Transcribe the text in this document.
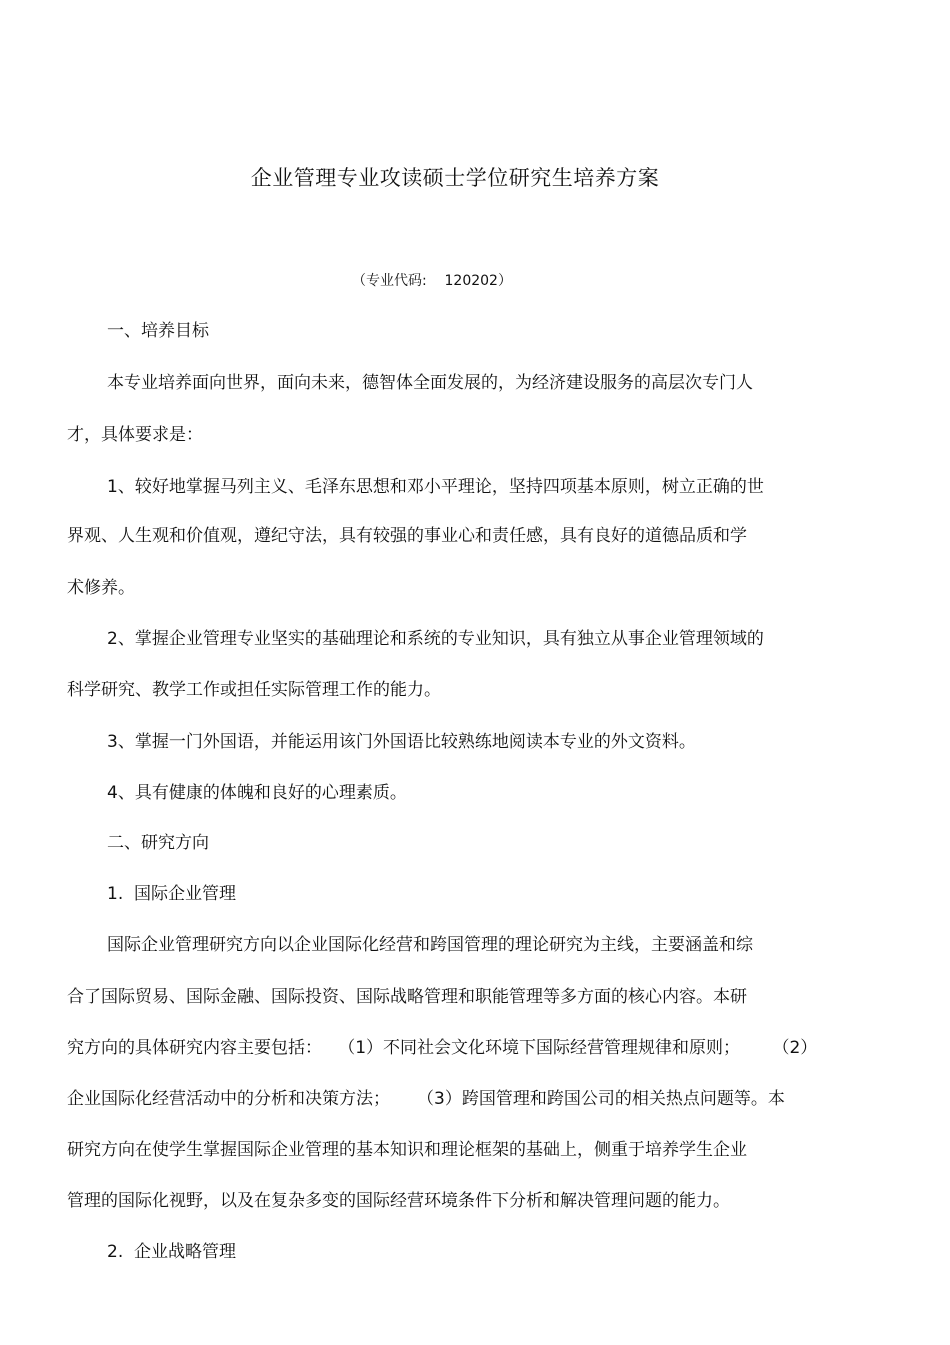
企业管理专业攻读硕士学位研究生培养方案
（专业代码:    120202）
一、培养目标
本专业培养面向世界，面向未来，德智体全面发展的，为经济建设服务的高层次专门人
才，具体要求是：
1、较好地掌握马列主义、毛泽东思想和邓小平理论，坚持四项基本原则，树立正确的世
界观、人生观和价值观，遵纪守法，具有较强的事业心和责任感，具有良好的道德品质和学
术修养。
2、掌握企业管理专业坚实的基础理论和系统的专业知识，具有独立从事企业管理领域的
科学研究、教学工作或担任实际管理工作的能力。
3、掌握一门外国语，并能运用该门外国语比较熟练地阅读本专业的外文资料。
4、具有健康的体魄和良好的心理素质。
二、研究方向
1.  国际企业管理
国际企业管理研究方向以企业国际化经营和跨国管理的理论研究为主线，主要涵盖和综
合了国际贸易、国际金融、国际投资、国际战略管理和职能管理等多方面的核心内容。本研
究方向的具体研究内容主要包括：   （1）不同社会文化环境下国际经营管理规律和原则；      （2）
企业国际化经营活动中的分析和决策方法；     （3）跨国管理和跨国公司的相关热点问题等。本
研究方向在使学生掌握国际企业管理的基本知识和理论框架的基础上，侧重于培养学生企业
管理的国际化视野，以及在复杂多变的国际经营环境条件下分析和解决管理问题的能力。
2.  企业战略管理
